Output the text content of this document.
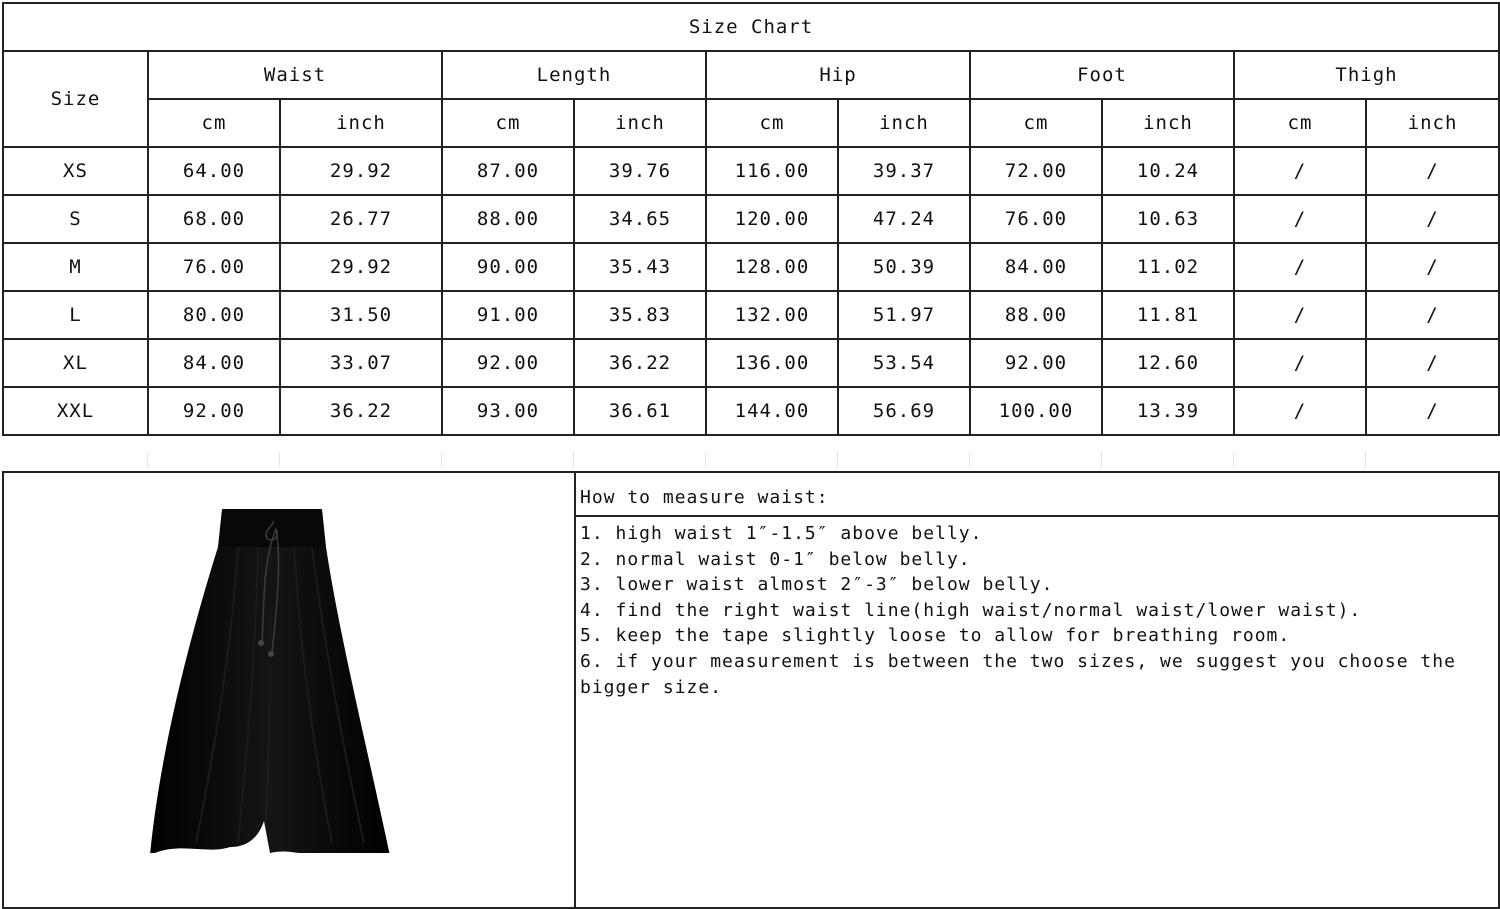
Size Chart										
Size	Waist		Length		Hip		Foot		Thigh	
	cm	inch	cm	inch	cm	inch	cm	inch	cm	inch
XS	64.00	29.92	87.00	39.76	116.00	39.37	72.00	10.24	/	/
S	68.00	26.77	88.00	34.65	120.00	47.24	76.00	10.63	/	/
M	76.00	29.92	90.00	35.43	128.00	50.39	84.00	11.02	/	/
L	80.00	31.50	91.00	35.83	132.00	51.97	88.00	11.81	/	/
XL	84.00	33.07	92.00	36.22	136.00	53.54	92.00	12.60	/	/
XXL	92.00	36.22	93.00	36.61	144.00	56.69	100.00	13.39	/	/
How to measure waist:
1. high waist 1″-1.5″ above belly.
2. normal waist 0-1″ below belly.
3. lower waist almost 2″-3″ below belly.
4. find the right waist line(high waist/normal waist/lower waist).
5. keep the tape slightly loose to allow for breathing room.
6. if your measurement is between the two sizes, we suggest you choose the bigger size.
